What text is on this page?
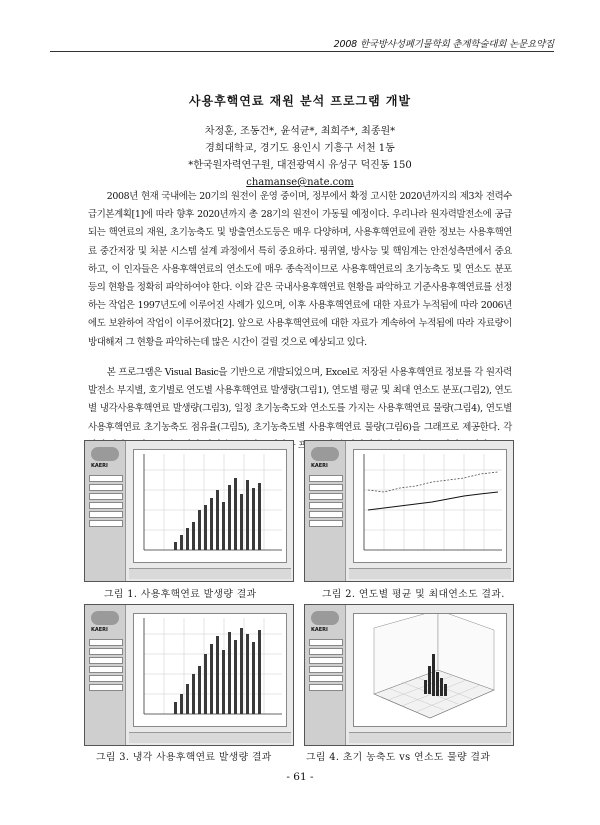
2008 한국방사성폐기물학회 춘계학술대회 논문요약집
사용후핵연료 재원 분석 프로그램 개발
차정훈, 조동건*, 윤석균*, 최희주*, 최종원*
경희대학교, 경기도 용인시 기흥구 서천 1동
*한국원자력연구원, 대전광역시 유성구 덕진동 150
chamanse@nate.com
2008년 현재 국내에는 20기의 원전이 운영 중이며, 정부에서 확정 고시한 2020년까지의 제3차 전력수급기본계획[1]에 따라 향후 2020년까지 총 28기의 원전이 가동될 예정이다. 우리나라 원자력발전소에 공급되는 핵연료의 재원, 초기농축도 및 방출연소도등은 매우 다양하며, 사용후핵연료에 관한 정보는 사용후핵연료 중간저장 및 처분 시스템 설계 과정에서 특히 중요하다. 핑퀴열, 방사능 및 핵임계는 안전성측면에서 중요하고, 이 인자들은 사용후핵연료의 연소도에 매우 종속적이므로 사용후핵연료의 초기농축도 및 연소도 분포 등의 현황을 정확히 파악하여야 한다. 이와 같은 국내사용후핵연료 현황을 파악하고 기준사용후핵연료를 선정하는 작업은 1997년도에 이루어진 사례가 있으며, 이후 사용후핵연료에 대한 자료가 누적됨에 따라 2006년에도 보완하여 작업이 이루어졌다[2]. 앞으로 사용후핵연료에 대한 자료가 계속하여 누적됨에 따라 자료량이 방대해져 그 현황을 파악하는데 많은 시간이 걸릴 것으로 예상되고 있다.
본 프로그램은 Visual Basic을 기반으로 개발되었으며, Excel로 저장된 사용후핵연료 정보를 각 원자력발전소 부지별, 호기별로 연도별 사용후핵연료 발생량(그림1), 연도별 평균 및 최대 연소도 분포(그림2), 연도별 냉각사용후핵연료 발생량(그림3), 일정 초기농축도와 연소도를 가지는 사용후핵연료 물량(그림4), 연도별 사용후핵연료 초기농축도 점유율(그림5), 초기농축도별 사용후핵연료 물량(그림6)을 그래프로 제공한다. 각
KAERI	KAERI
그림 1. 사용후핵연료 발생량 결과	그림 2. 연도별 평균 및 최대연소도 결과.
KAERI	KAERI
그림 3. 냉각 사용후핵연료 발생량 결과	그림 4. 초기 농축도 vs 연소도 물량 결과
- 61 -
